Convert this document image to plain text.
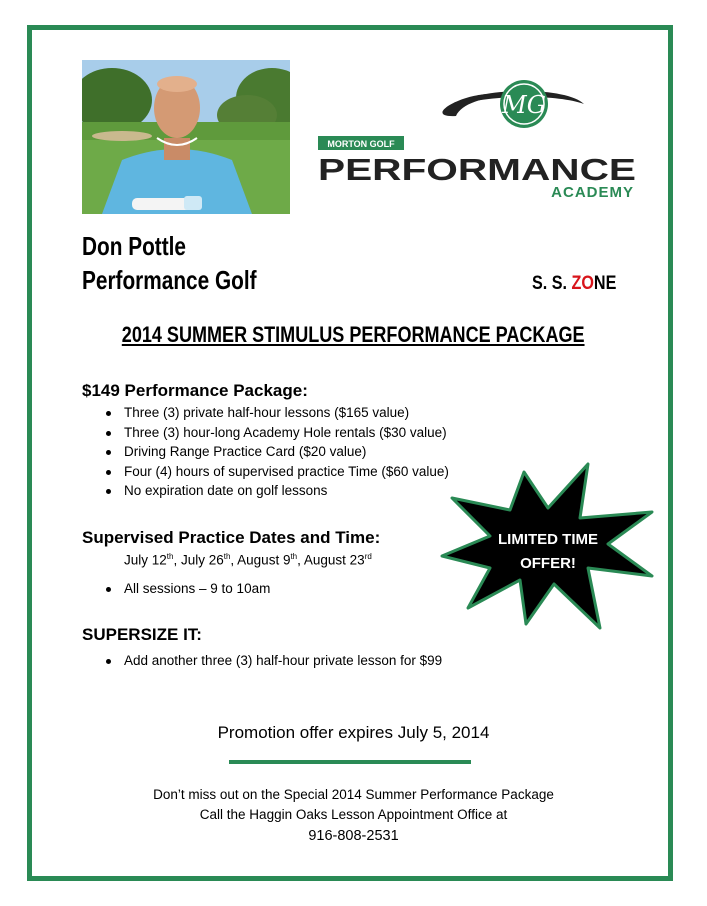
MG
MORTON GOLF
PERFORMANCE
ACADEMY
Don Pottle
Performance Golf	S. S. ZONE
2014 SUMMER STIMULUS PERFORMANCE PACKAGE
$149 Performance Package:
Three (3) private half-hour lessons ($165 value)
Three (3) hour-long Academy Hole rentals ($30 value)
Driving Range Practice Card ($20 value)
Four (4) hours of supervised practice Time ($60 value)
No expiration date on golf lessons
Supervised Practice Dates and Time:
July 12th, July 26th, August 9th, August 23rd
All sessions – 9 to 10am
SUPERSIZE IT:
Add another three (3) half-hour private lesson for $99
LIMITED TIME
OFFER!
Promotion offer expires July 5, 2014
Don’t miss out on the Special 2014 Summer Performance Package
Call the Haggin Oaks Lesson Appointment Office at
916-808-2531
